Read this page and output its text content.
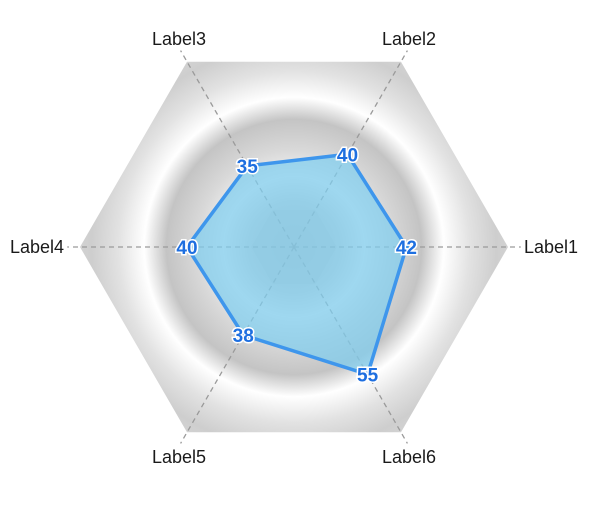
Label1
Label2
Label3
Label4
Label5	Label6
42
40
35
40
38
55
